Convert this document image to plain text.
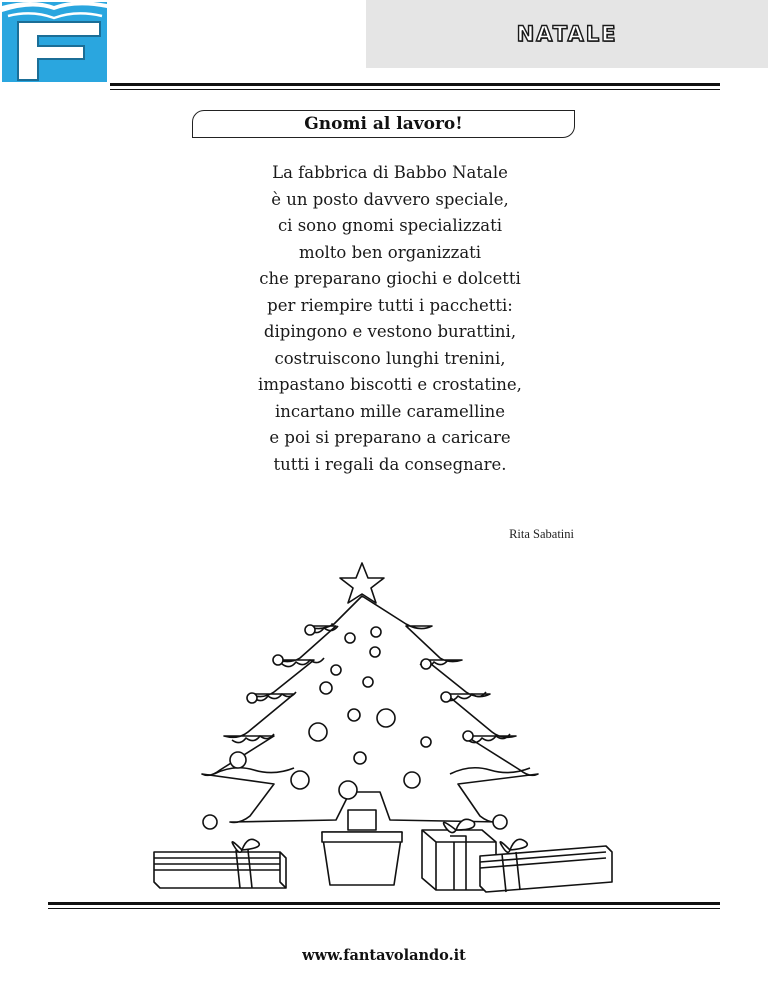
NATALE
Gnomi al lavoro!
La fabbrica di Babbo Natale
è un posto davvero speciale,
ci sono gnomi specializzati
molto ben organizzati
che preparano giochi e dolcetti
per riempire tutti i pacchetti:
dipingono e vestono burattini,
costruiscono lunghi trenini,
impastano biscotti e crostatine,
incartano mille caramelline
e poi si preparano a caricare
tutti i regali da consegnare.
Rita Sabatini
www.fantavolando.it
